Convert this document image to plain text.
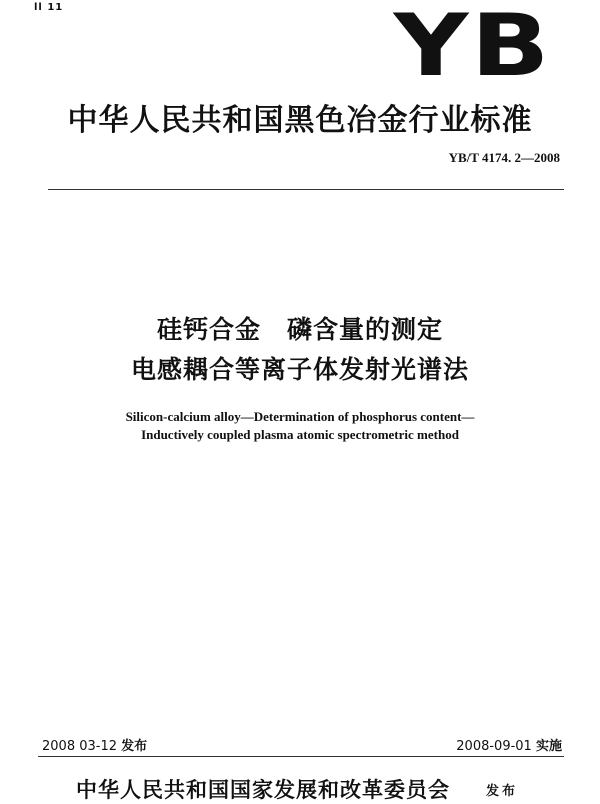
ll 11	YB
中华人民共和国黑色冶金行业标准
YB/T 4174. 2—2008
硅钙合金　磷含量的测定
电感耦合等离子体发射光谱法
Silicon-calcium alloy—Determination of phosphorus content—
Inductively coupled plasma atomic spectrometric method
2008 03-12 发布	2008-09-01 实施
中华人民共和国国家发展和改革委员会	发布
